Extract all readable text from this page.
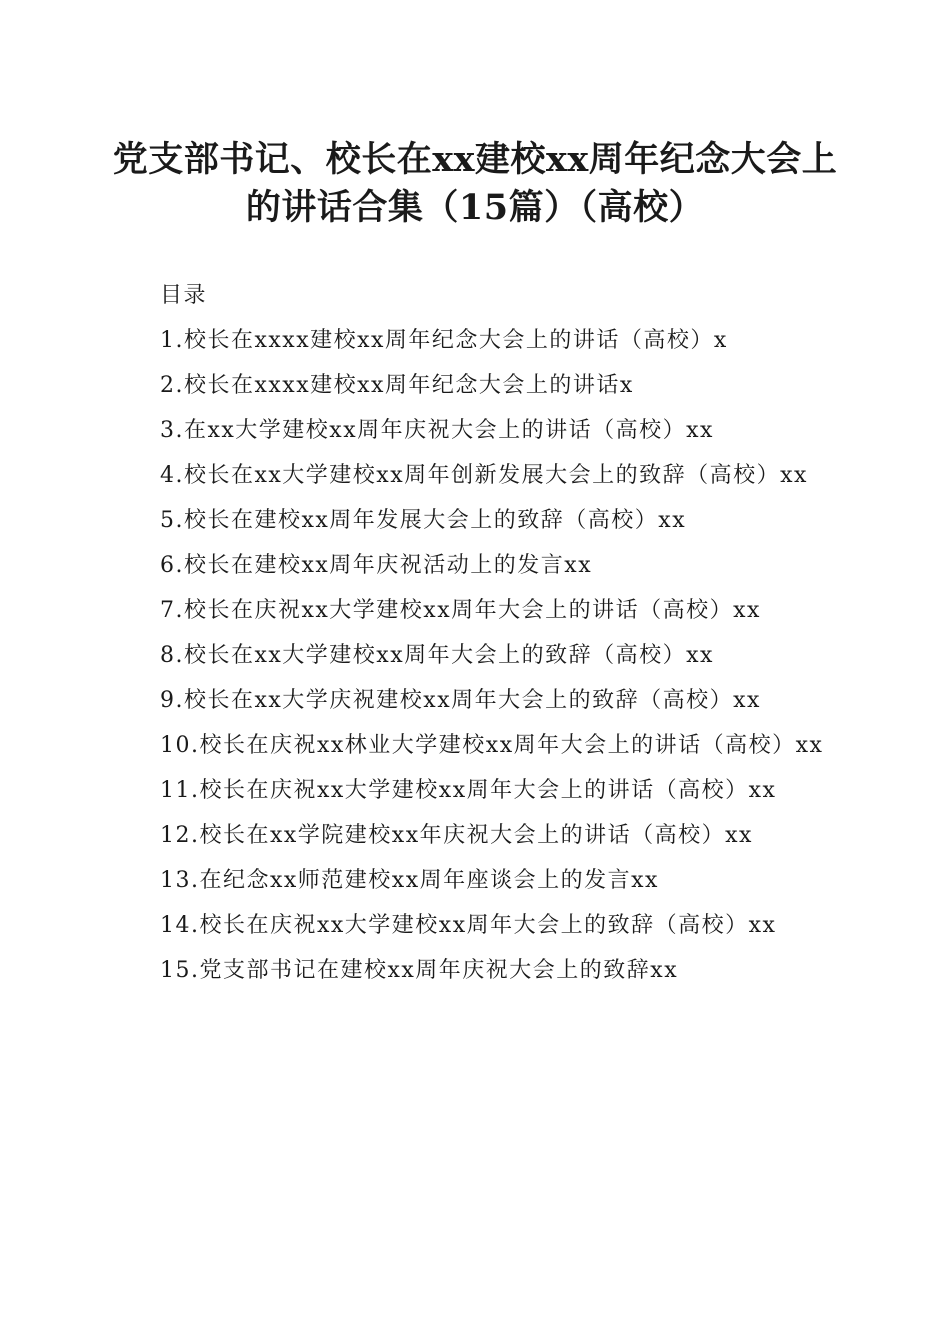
党支部书记、校长在xx建校xx周年纪念大会上的讲话合集（15篇）（高校）

目录

1.校长在xxxx建校xx周年纪念大会上的讲话（高校）x
2.校长在xxxx建校xx周年纪念大会上的讲话x
3.在xx大学建校xx周年庆祝大会上的讲话（高校）xx
4.校长在xx大学建校xx周年创新发展大会上的致辞（高校）xx
5.校长在建校xx周年发展大会上的致辞（高校）xx
6.校长在建校xx周年庆祝活动上的发言xx
7.校长在庆祝xx大学建校xx周年大会上的讲话（高校）xx
8.校长在xx大学建校xx周年大会上的致辞（高校）xx
9.校长在xx大学庆祝建校xx周年大会上的致辞（高校）xx
10.校长在庆祝xx林业大学建校xx周年大会上的讲话（高校）xx
11.校长在庆祝xx大学建校xx周年大会上的讲话（高校）xx
12.校长在xx学院建校xx年庆祝大会上的讲话（高校）xx
13.在纪念xx师范建校xx周年座谈会上的发言xx
14.校长在庆祝xx大学建校xx周年大会上的致辞（高校）xx
15.党支部书记在建校xx周年庆祝大会上的致辞xx
